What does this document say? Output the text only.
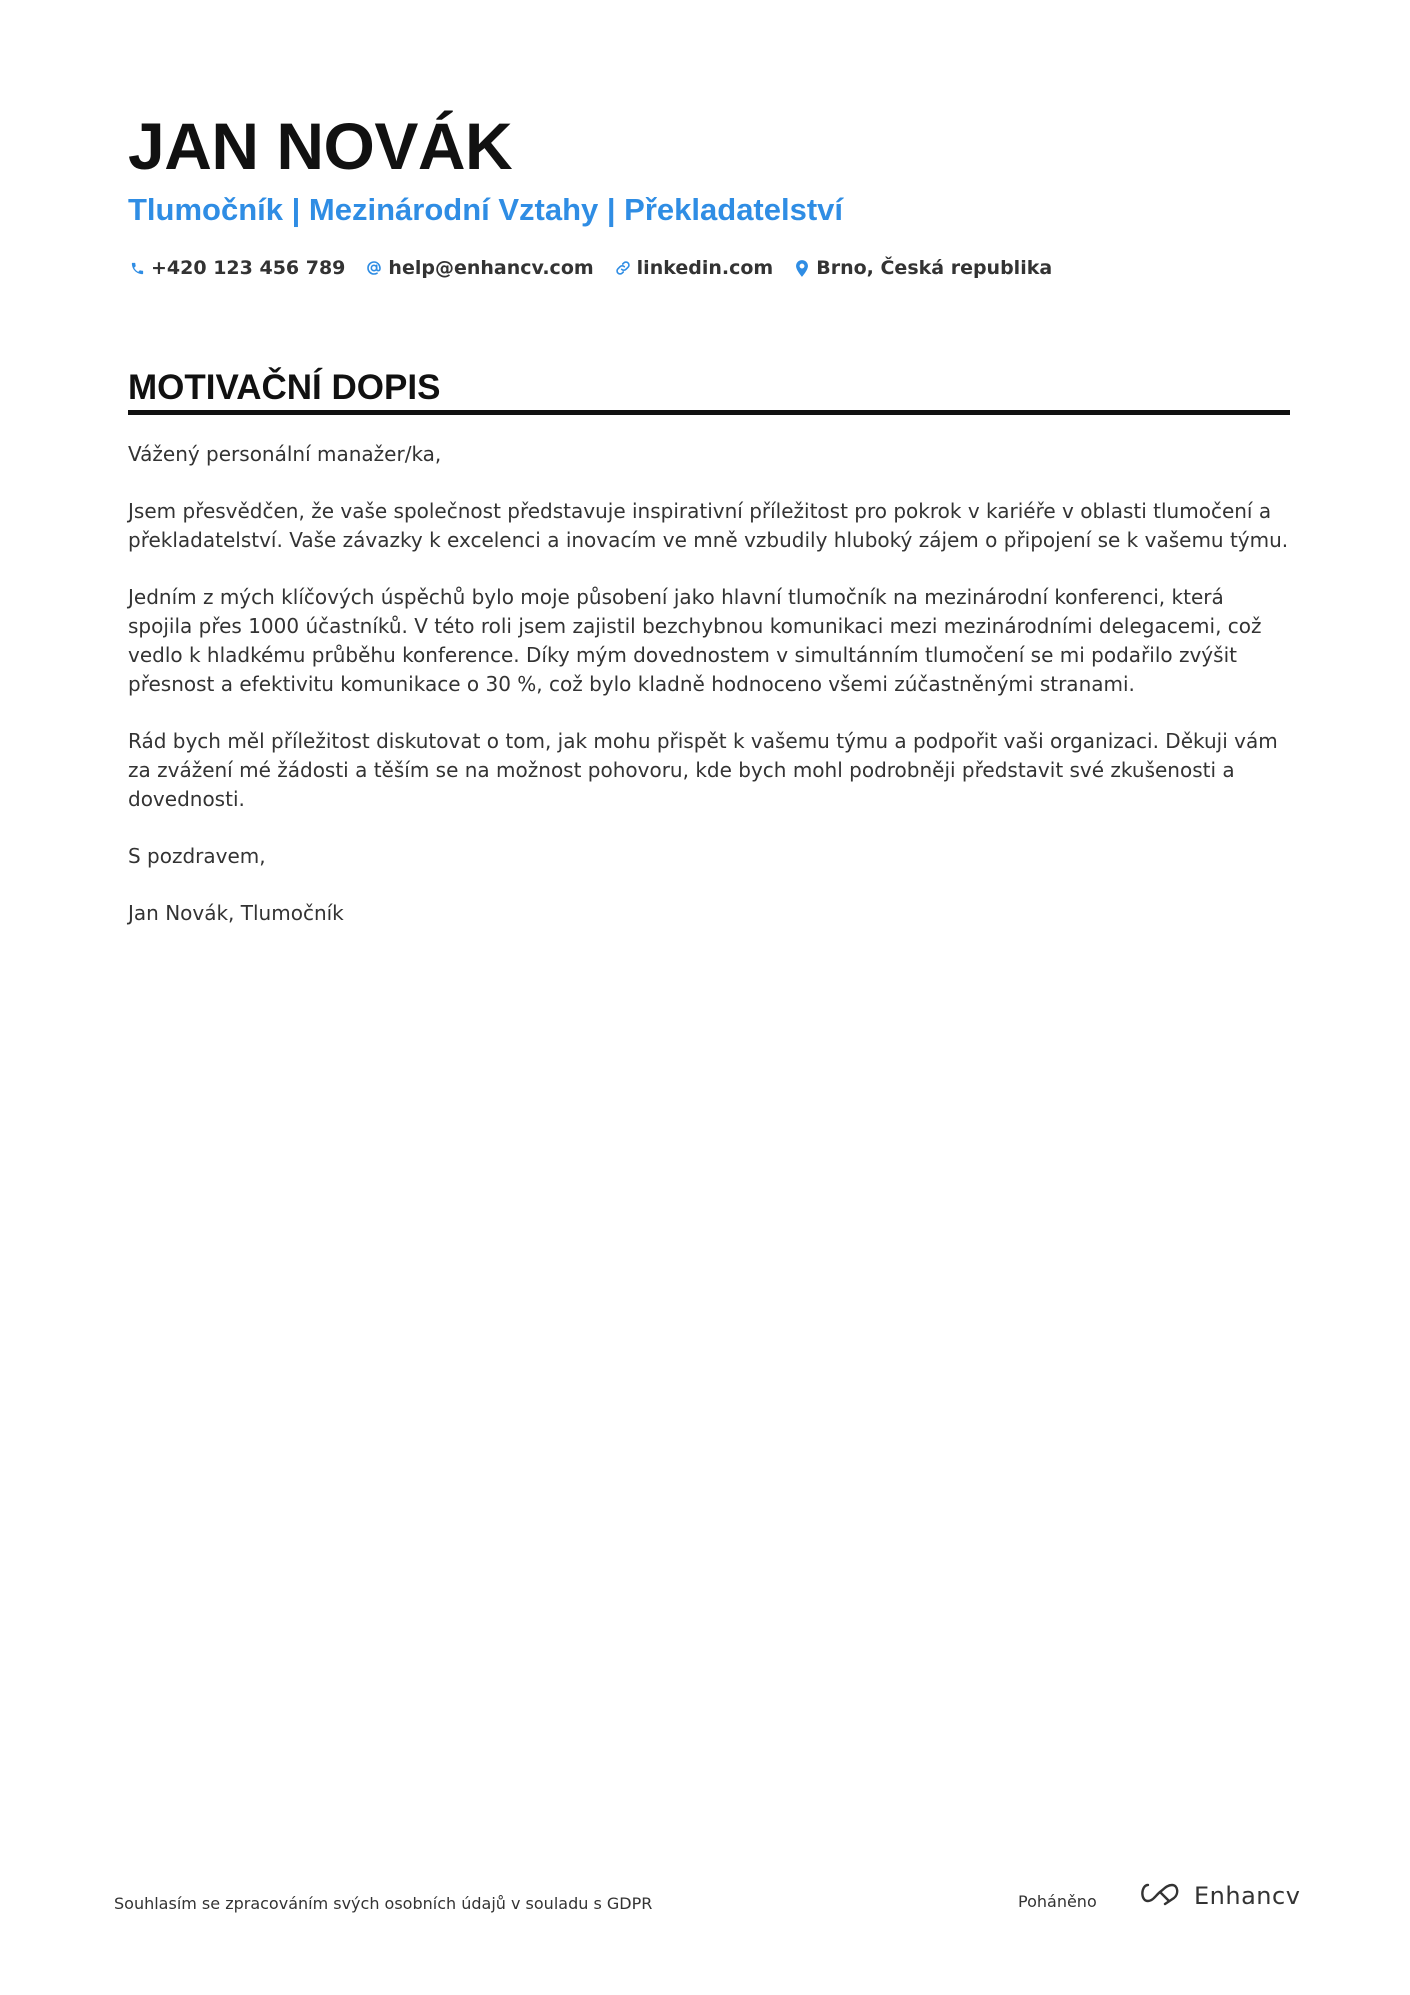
JAN NOVÁK
Tlumočník | Mezinárodní Vztahy | Překladatelství
+420 123 456 789 help@enhancv.com linkedin.com Brno, Česká republika
MOTIVAČNÍ DOPIS

Vážený personální manažer/ka,

Jsem přesvědčen, že vaše společnost představuje inspirativní příležitost pro pokrok v kariéře v oblasti tlumočení a překladatelství. Vaše závazky k excelenci a inovacím ve mně vzbudily hluboký zájem o připojení se k vašemu týmu.

Jedním z mých klíčových úspěchů bylo moje působení jako hlavní tlumočník na mezinárodní konferenci, která spojila přes 1000 účastníků. V této roli jsem zajistil bezchybnou komunikaci mezi mezinárodními delegacemi, což vedlo k hladkému průběhu konference. Díky mým dovednostem v simultánním tlumočení se mi podařilo zvýšit přesnost a efektivitu komunikace o 30 %, což bylo kladně hodnoceno všemi zúčastněnými stranami.

Rád bych měl příležitost diskutovat o tom, jak mohu přispět k vašemu týmu a podpořit vaši organizaci. Děkuji vám za zvážení mé žádosti a těším se na možnost pohovoru, kde bych mohl podrobněji představit své zkušenosti a dovednosti.

S pozdravem,

Jan Novák, Tlumočník

Souhlasím se zpracováním svých osobních údajů v souladu s GDPR	Poháněno	Enhancv
